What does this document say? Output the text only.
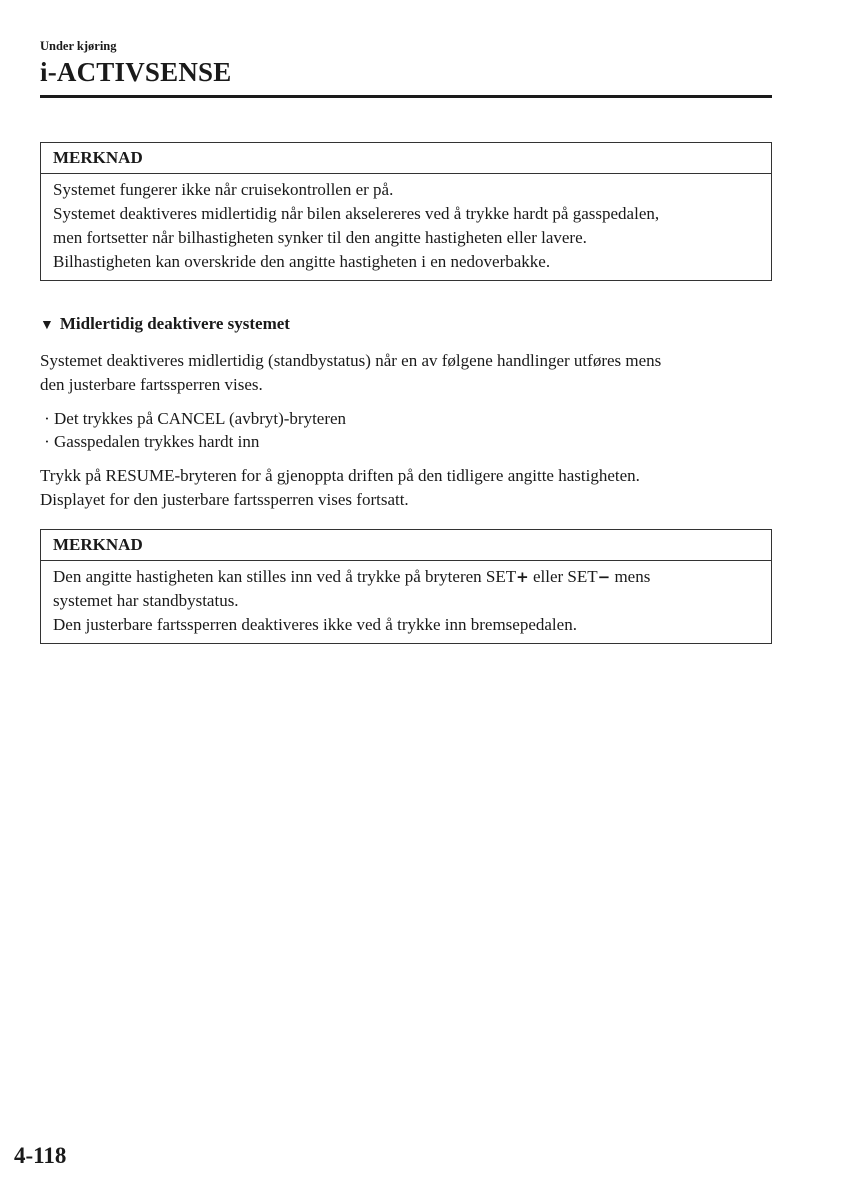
Under kjøring
i-ACTIVSENSE
MERKNAD
Systemet fungerer ikke når cruisekontrollen er på.
Systemet deaktiveres midlertidig når bilen akselereres ved å trykke hardt på gasspedalen,
men fortsetter når bilhastigheten synker til den angitte hastigheten eller lavere.
Bilhastigheten kan overskride den angitte hastigheten i en nedoverbakke.
▼ Midlertidig deaktivere systemet
Systemet deaktiveres midlertidig (standbystatus) når en av følgene handlinger utføres mens
den justerbare fartssperren vises.
· Det trykkes på CANCEL (avbryt)-bryteren
· Gasspedalen trykkes hardt inn
Trykk på RESUME-bryteren for å gjenoppta driften på den tidligere angitte hastigheten.
Displayet for den justerbare fartssperren vises fortsatt.
MERKNAD
Den angitte hastigheten kan stilles inn ved å trykke på bryteren SET+ eller SET− mens
systemet har standbystatus.
Den justerbare fartssperren deaktiveres ikke ved å trykke inn bremsepedalen.
4-118
